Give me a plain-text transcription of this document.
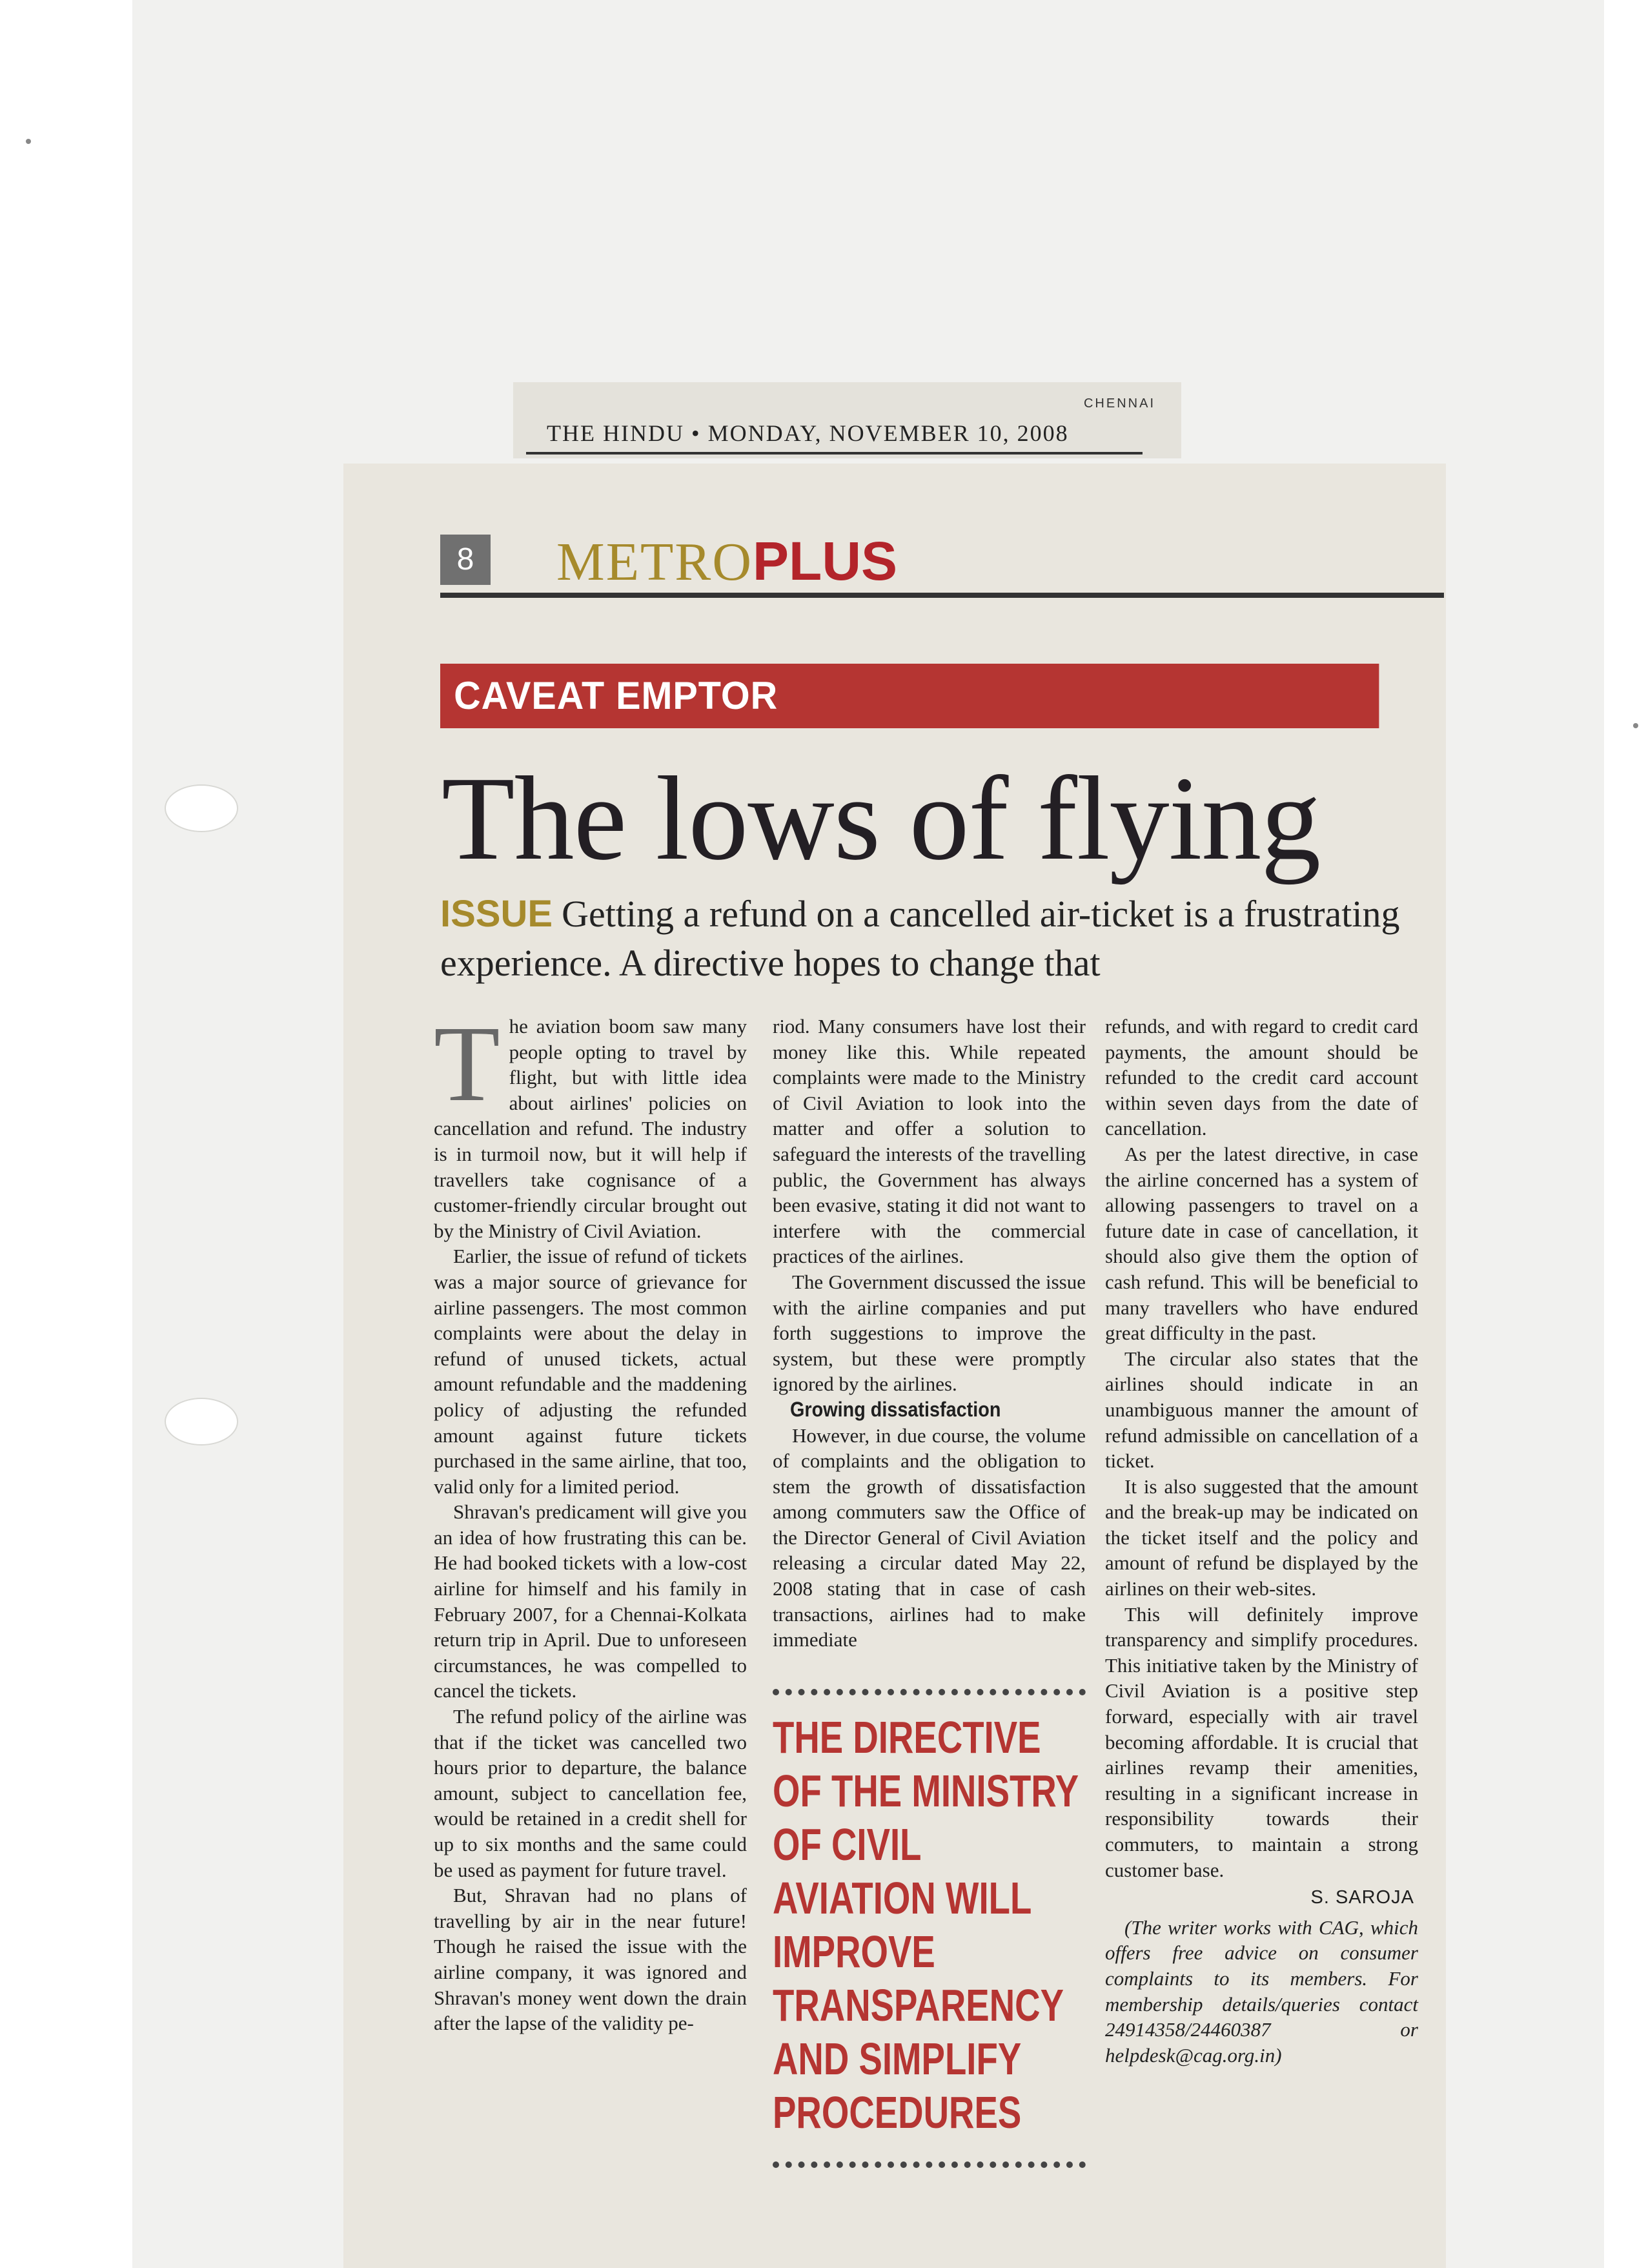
CHENNAI
THE HINDU • MONDAY, NOVEMBER 10, 2008
8	METROPLUS
CAVEAT EMPTOR
The lows of flying
ISSUE Getting a refund on a cancelled air-ticket is a frustrating experience. A directive hopes to change that

The aviation boom saw many people opting to travel by flight, but with little idea about airlines' policies on cancellation and refund. The industry is in turmoil now, but it will help if travellers take cognisance of a customer-friendly circular brought out by the Ministry of Civil Aviation.

Earlier, the issue of refund of tickets was a major source of grievance for airline passengers. The most common complaints were about the delay in refund of unused tickets, actual amount refundable and the maddening policy of adjusting the refunded amount against future tickets purchased in the same airline, that too, valid only for a limited period.

Shravan's predicament will give you an idea of how frustrating this can be. He had booked tickets with a low-cost airline for himself and his family in February 2007, for a Chennai-Kolkata return trip in April. Due to unforeseen circumstances, he was compelled to cancel the tickets.

The refund policy of the airline was that if the ticket was cancelled two hours prior to departure, the balance amount, subject to cancellation fee, would be retained in a credit shell for up to six months and the same could be used as payment for future travel.

But, Shravan had no plans of travelling by air in the near future! Though he raised the issue with the airline company, it was ignored and Shravan's money went down the drain after the lapse of the validity pe-

riod. Many consumers have lost their money like this. While repeated complaints were made to the Ministry of Civil Aviation to look into the matter and offer a solution to safeguard the interests of the travelling public, the Government has always been evasive, stating it did not want to interfere with the commercial practices of the airlines.

The Government discussed the issue with the airline companies and put forth suggestions to improve the system, but these were promptly ignored by the airlines.

Growing dissatisfaction

However, in due course, the volume of complaints and the obligation to stem the growth of dissatisfaction among commuters saw the Office of the Director General of Civil Aviation releasing a circular dated May 22, 2008 stating that in case of cash transactions, airlines had to make immediate

THE DIRECTIVE OF THE MINISTRY OF CIVIL AVIATION WILL IMPROVE TRANSPARENCY AND SIMPLIFY PROCEDURES

refunds, and with regard to credit card payments, the amount should be refunded to the credit card account within seven days from the date of cancellation.

As per the latest directive, in case the airline concerned has a system of allowing passengers to travel on a future date in case of cancellation, it should also give them the option of cash refund. This will be beneficial to many travellers who have endured great difficulty in the past.

The circular also states that the airlines should indicate in an unambiguous manner the amount of refund admissible on cancellation of a ticket.

It is also suggested that the amount and the break-up may be indicated on the ticket itself and the policy and amount of refund be displayed by the airlines on their web-sites.

This will definitely improve transparency and simplify procedures. This initiative taken by the Ministry of Civil Aviation is a positive step forward, especially with air travel becoming affordable. It is crucial that airlines revamp their amenities, resulting in a significant increase in responsibility towards their commuters, to maintain a strong customer base.

S. SAROJA

(The writer works with CAG, which offers free advice on consumer complaints to its members. For membership details/queries contact 24914358/24460387 or helpdesk@cag.org.in)
